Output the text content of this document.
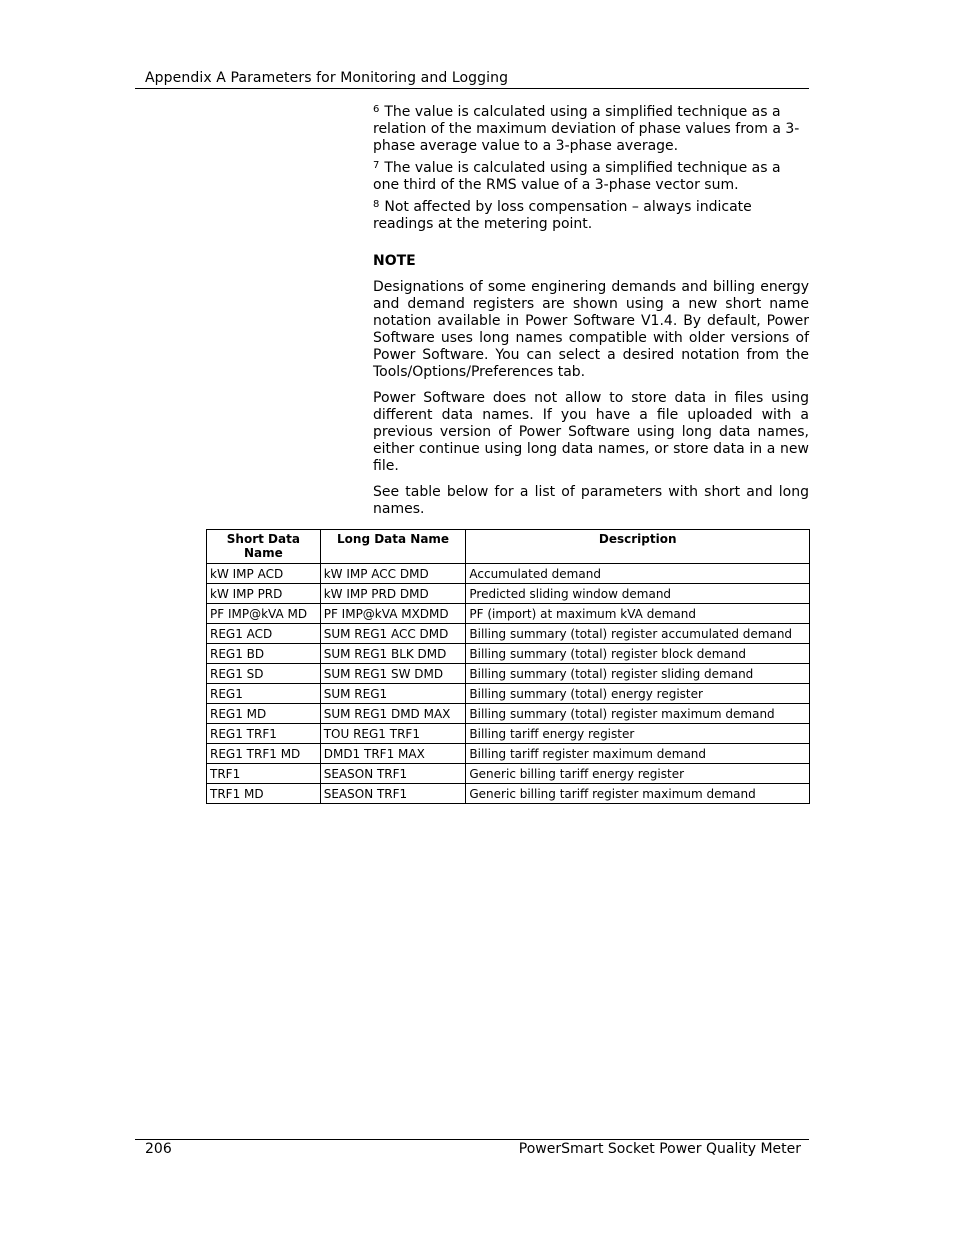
Appendix A Parameters for Monitoring and Logging

$^6$ The value is calculated using a simplified technique as a relation of the maximum deviation of phase values from a 3-phase average value to a 3-phase average.

$^7$ The value is calculated using a simplified technique as a one third of the RMS value of a 3-phase vector sum.

$^8$ Not affected by loss compensation – always indicate readings at the metering point.

NOTE

Designations of some enginering demands and billing energy and demand registers are shown using a new short name notation available in Power Software V1.4. By default, Power Software uses long names compatible with older versions of Power Software. You can select a desired notation from the Tools/Options/Preferences tab.

Power Software does not allow to store data in files using different data names. If you have a file uploaded with a previous version of Power Software using long data names, either continue using long data names, or store data in a new file.

See table below for a list of parameters with short and long names.

Short Data Name	Long Data Name	Description
kW IMP ACD	kW IMP ACC DMD	Accumulated demand
kW IMP PRD	kW IMP PRD DMD	Predicted sliding window demand
PF IMP@kVA MD	PF IMP@kVA MXDMD	PF (import) at maximum kVA demand
REG1 ACD	SUM REG1 ACC DMD	Billing summary (total) register accumulated demand
REG1 BD	SUM REG1 BLK DMD	Billing summary (total) register block demand
REG1 SD	SUM REG1 SW DMD	Billing summary (total) register sliding demand
REG1	SUM REG1	Billing summary (total) energy register
REG1 MD	SUM REG1 DMD MAX	Billing summary (total) register maximum demand
REG1 TRF1	TOU REG1 TRF1	Billing tariff energy register
REG1 TRF1 MD	DMD1 TRF1 MAX	Billing tariff register maximum demand
TRF1	SEASON TRF1	Generic billing tariff energy register
TRF1 MD	SEASON TRF1	Generic billing tariff register maximum demand
206	PowerSmart Socket Power Quality Meter
